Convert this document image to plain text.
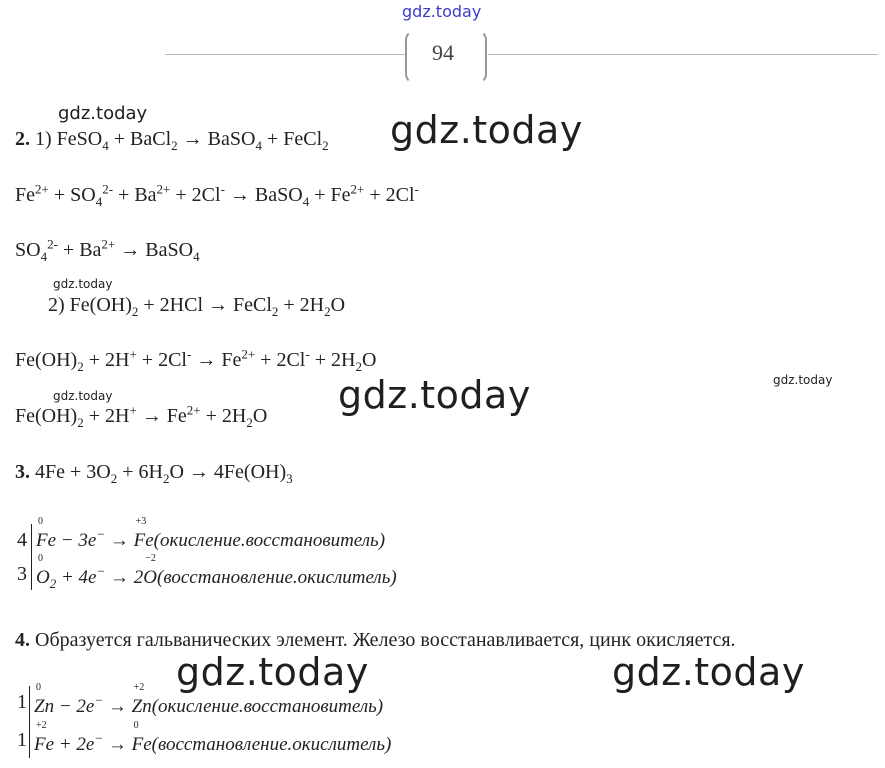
gdz.today
94
gdz.today
2. 1) FeSO$_4$ + BaCl$_2$ → BaSO$_4$ + FeCl$_2$ gdz.today
$Fe^{2+} + SO_4^{2-} + Ba^{2+} + 2Cl^-$ → BaSO$_4$ + $Fe^{2+} + 2Cl^-$
$SO_4^{2-} + Ba^{2+}$ → BaSO$_4$
gdz.today
2) $Fe(OH)_2 + 2HCl$ → FeCl$_2$ + $2H_2O$
$Fe(OH)_2 + 2H^+ + 2Cl^- \to Fe^{2+} + 2Cl^- + 2H_2O$
gdz.today
gdz.today	gdz.today
$Fe(OH)_2 + 2H^+ \to Fe^{2+} + 2H_2O$
3. $4Fe + 3O_2 + 6H_2O \to 4Fe(OH)_3$
4
3
Fe
0
− 3e− → Fe
+3
(окисление.восстановитель)
O
0
$_2$ + 4e− → 2O
−2
(восстановление.окислитель)
4. Образуется гальванических элемент. Железо восстанавливается, цинк окисляется.
gdz.today	gdz.today
1
1
Zn
0
− 2e− → Zn
+2
(окисление.восстановитель)
Fe
+2
+ 2e− → Fe
0
(восстановление.окислитель)
